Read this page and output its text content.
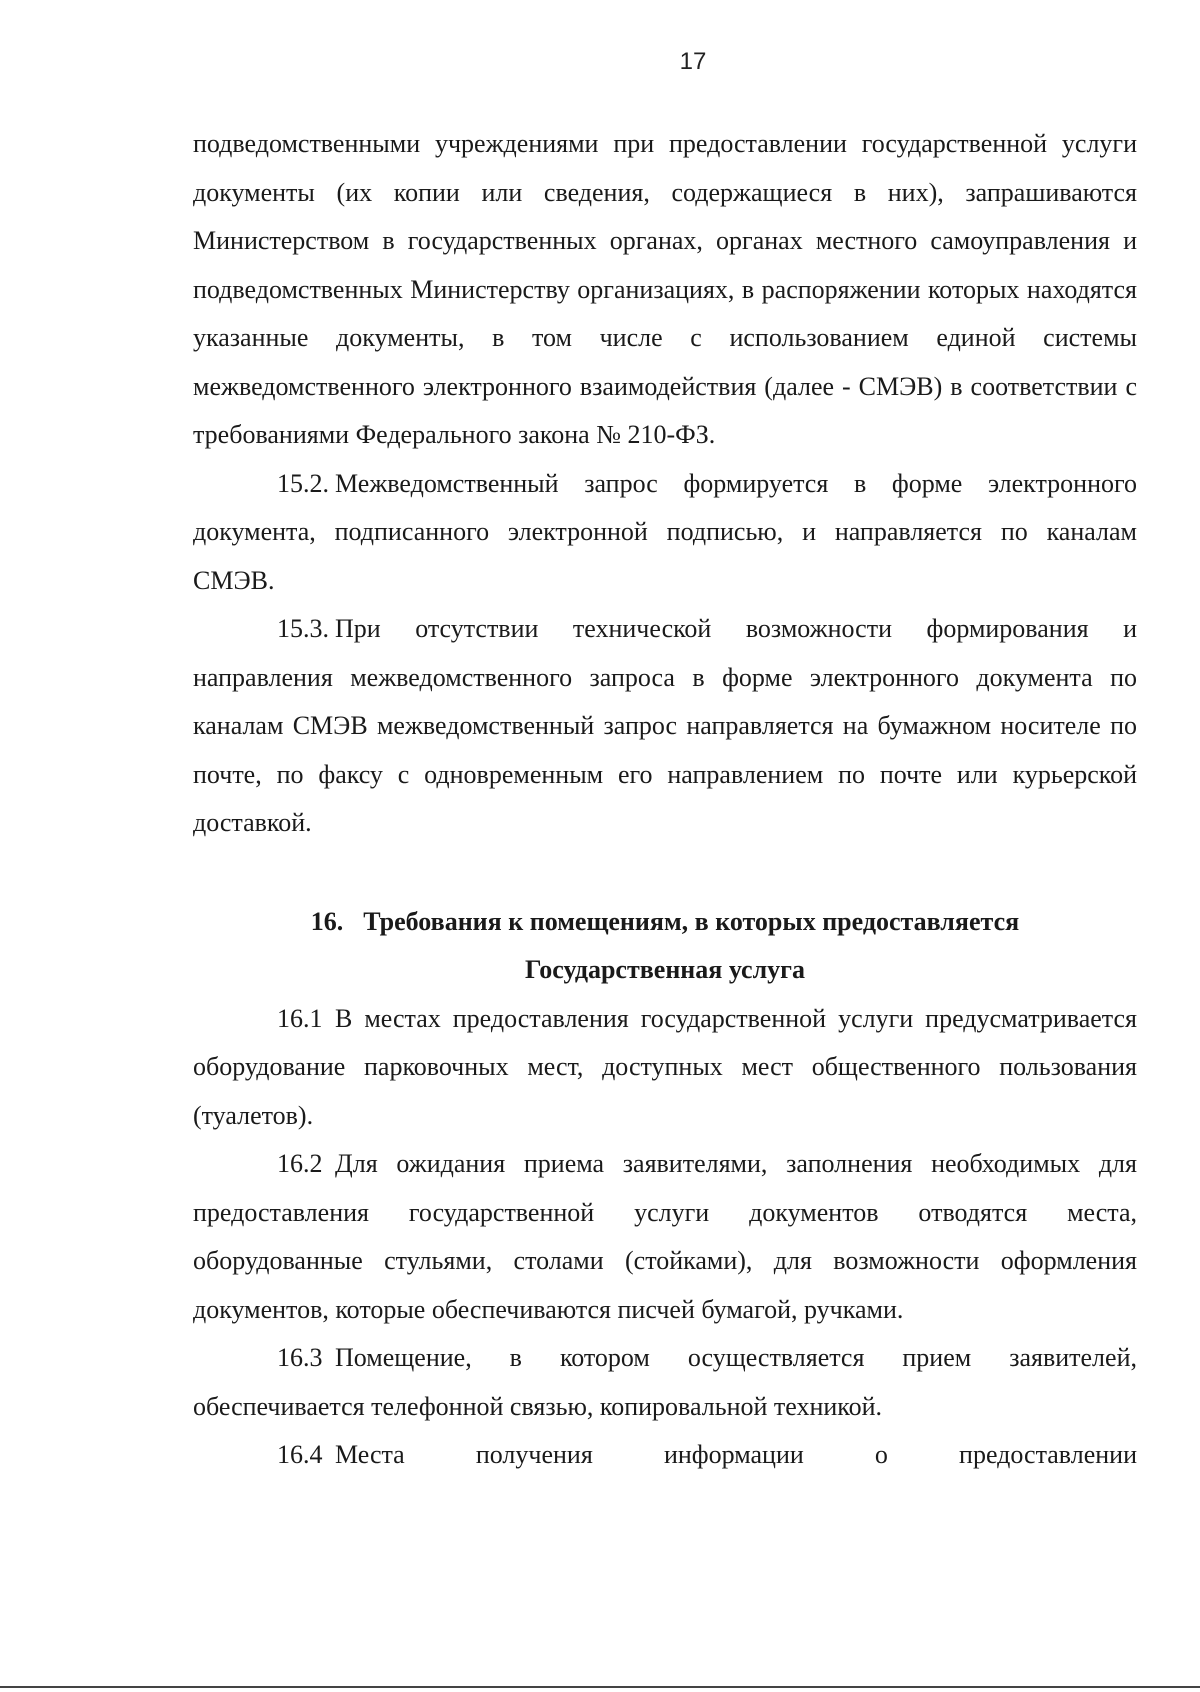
17

подведомственными учреждениями при предоставлении государственной услуги документы (их копии или сведения, содержащиеся в них), запрашиваются Министерством в государственных органах, органах местного самоуправления и подведомственных Министерству организациях, в распоряжении которых находятся указанные документы, в том числе с использованием единой системы межведомственного электронного взаимодействия (далее - СМЭВ) в соответствии с требованиями Федерального закона № 210-ФЗ.

15.2. Межведомственный запрос формируется в форме электронного документа, подписанного электронной подписью, и направляется по каналам СМЭВ.

15.3. При отсутствии технической возможности формирования и направления межведомственного запроса в форме электронного документа по каналам СМЭВ межведомственный запрос направляется на бумажном носителе по почте, по факсу с одновременным его направлением по почте или курьерской доставкой.

16. Требования к помещениям, в которых предоставляется

Государственная услуга

16.1 В местах предоставления государственной услуги предусматривается оборудование парковочных мест, доступных мест общественного пользования (туалетов).

16.2 Для ожидания приема заявителями, заполнения необходимых для предоставления государственной услуги документов отводятся места, оборудованные стульями, столами (стойками), для возможности оформления документов, которые обеспечиваются писчей бумагой, ручками.

16.3 Помещение, в котором осуществляется прием заявителей, обеспечивается телефонной связью, копировальной техникой.

16.4 Места получения информации о предоставлении
